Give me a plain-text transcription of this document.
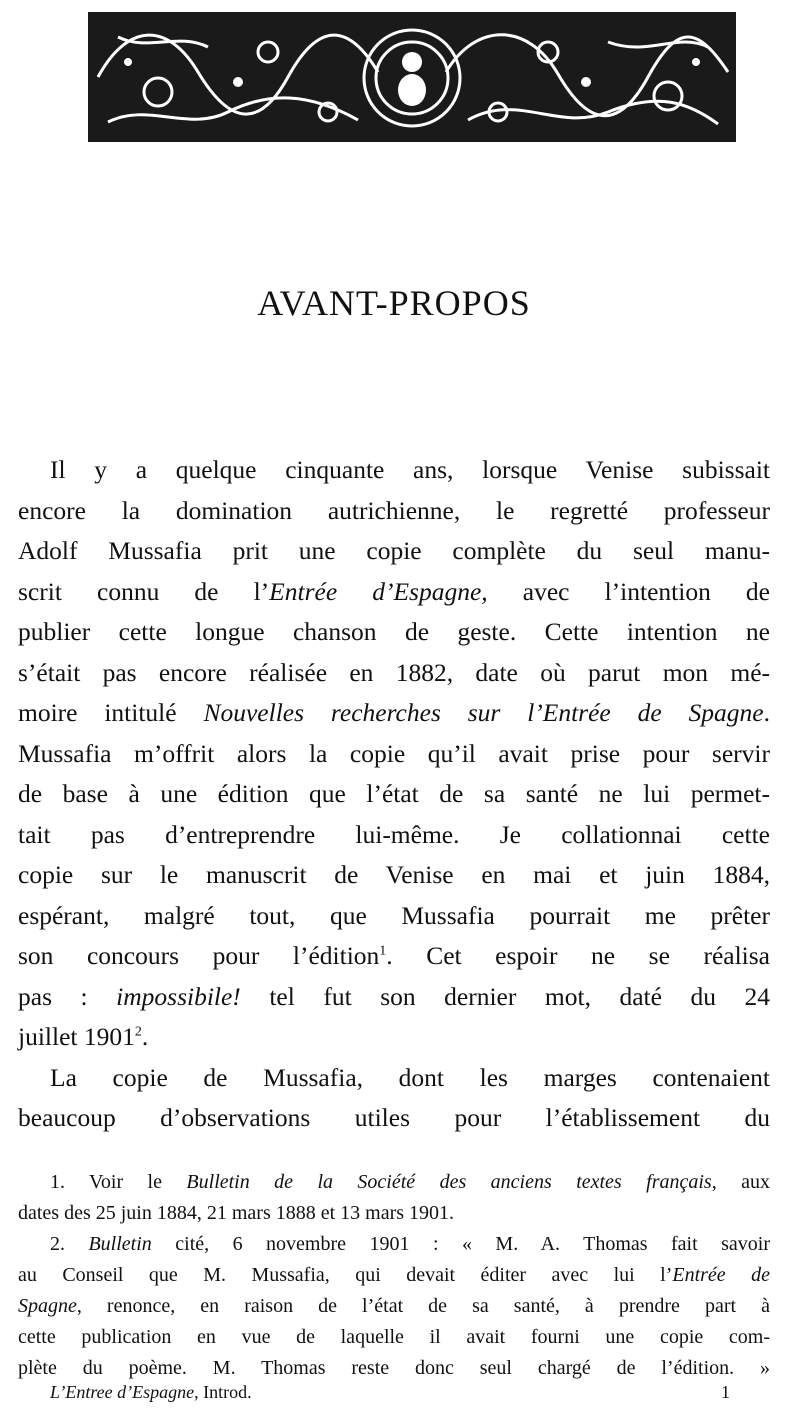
AVANT-PROPOS
Il y a quelque cinquante ans, lorsque Venise subissait
encore la domination autrichienne, le regretté professeur
Adolf Mussafia prit une copie complète du seul manu-
scrit connu de l’Entrée d’Espagne, avec l’intention de
publier cette longue chanson de geste. Cette intention ne
s’était pas encore réalisée en 1882, date où parut mon mé-
moire intitulé Nouvelles recherches sur l’Entrée de Spagne.
Mussafia m’offrit alors la copie qu’il avait prise pour servir
de base à une édition que l’état de sa santé ne lui permet-
tait pas d’entreprendre lui-même. Je collationnai cette
copie sur le manuscrit de Venise en mai et juin 1884,
espérant, malgré tout, que Mussafia pourrait me prêter
son concours pour l’édition$^1$. Cet espoir ne se réalisa
pas : impossibile! tel fut son dernier mot, daté du 24
juillet 1901$^2$.
La copie de Mussafia, dont les marges contenaient
beaucoup d’observations utiles pour l’établissement du
1. Voir le Bulletin de la Société des anciens textes français, aux
dates des 25 juin 1884, 21 mars 1888 et 13 mars 1901.
2. Bulletin cité, 6 novembre 1901 : « M. A. Thomas fait savoir
au Conseil que M. Mussafia, qui devait éditer avec lui l’Entrée de
Spagne, renonce, en raison de l’état de sa santé, à prendre part à
cette publication en vue de laquelle il avait fourni une copie com-
plète du poème. M. Thomas reste donc seul chargé de l’édition. »
L’Entree d’Espagne, Introd.	1
